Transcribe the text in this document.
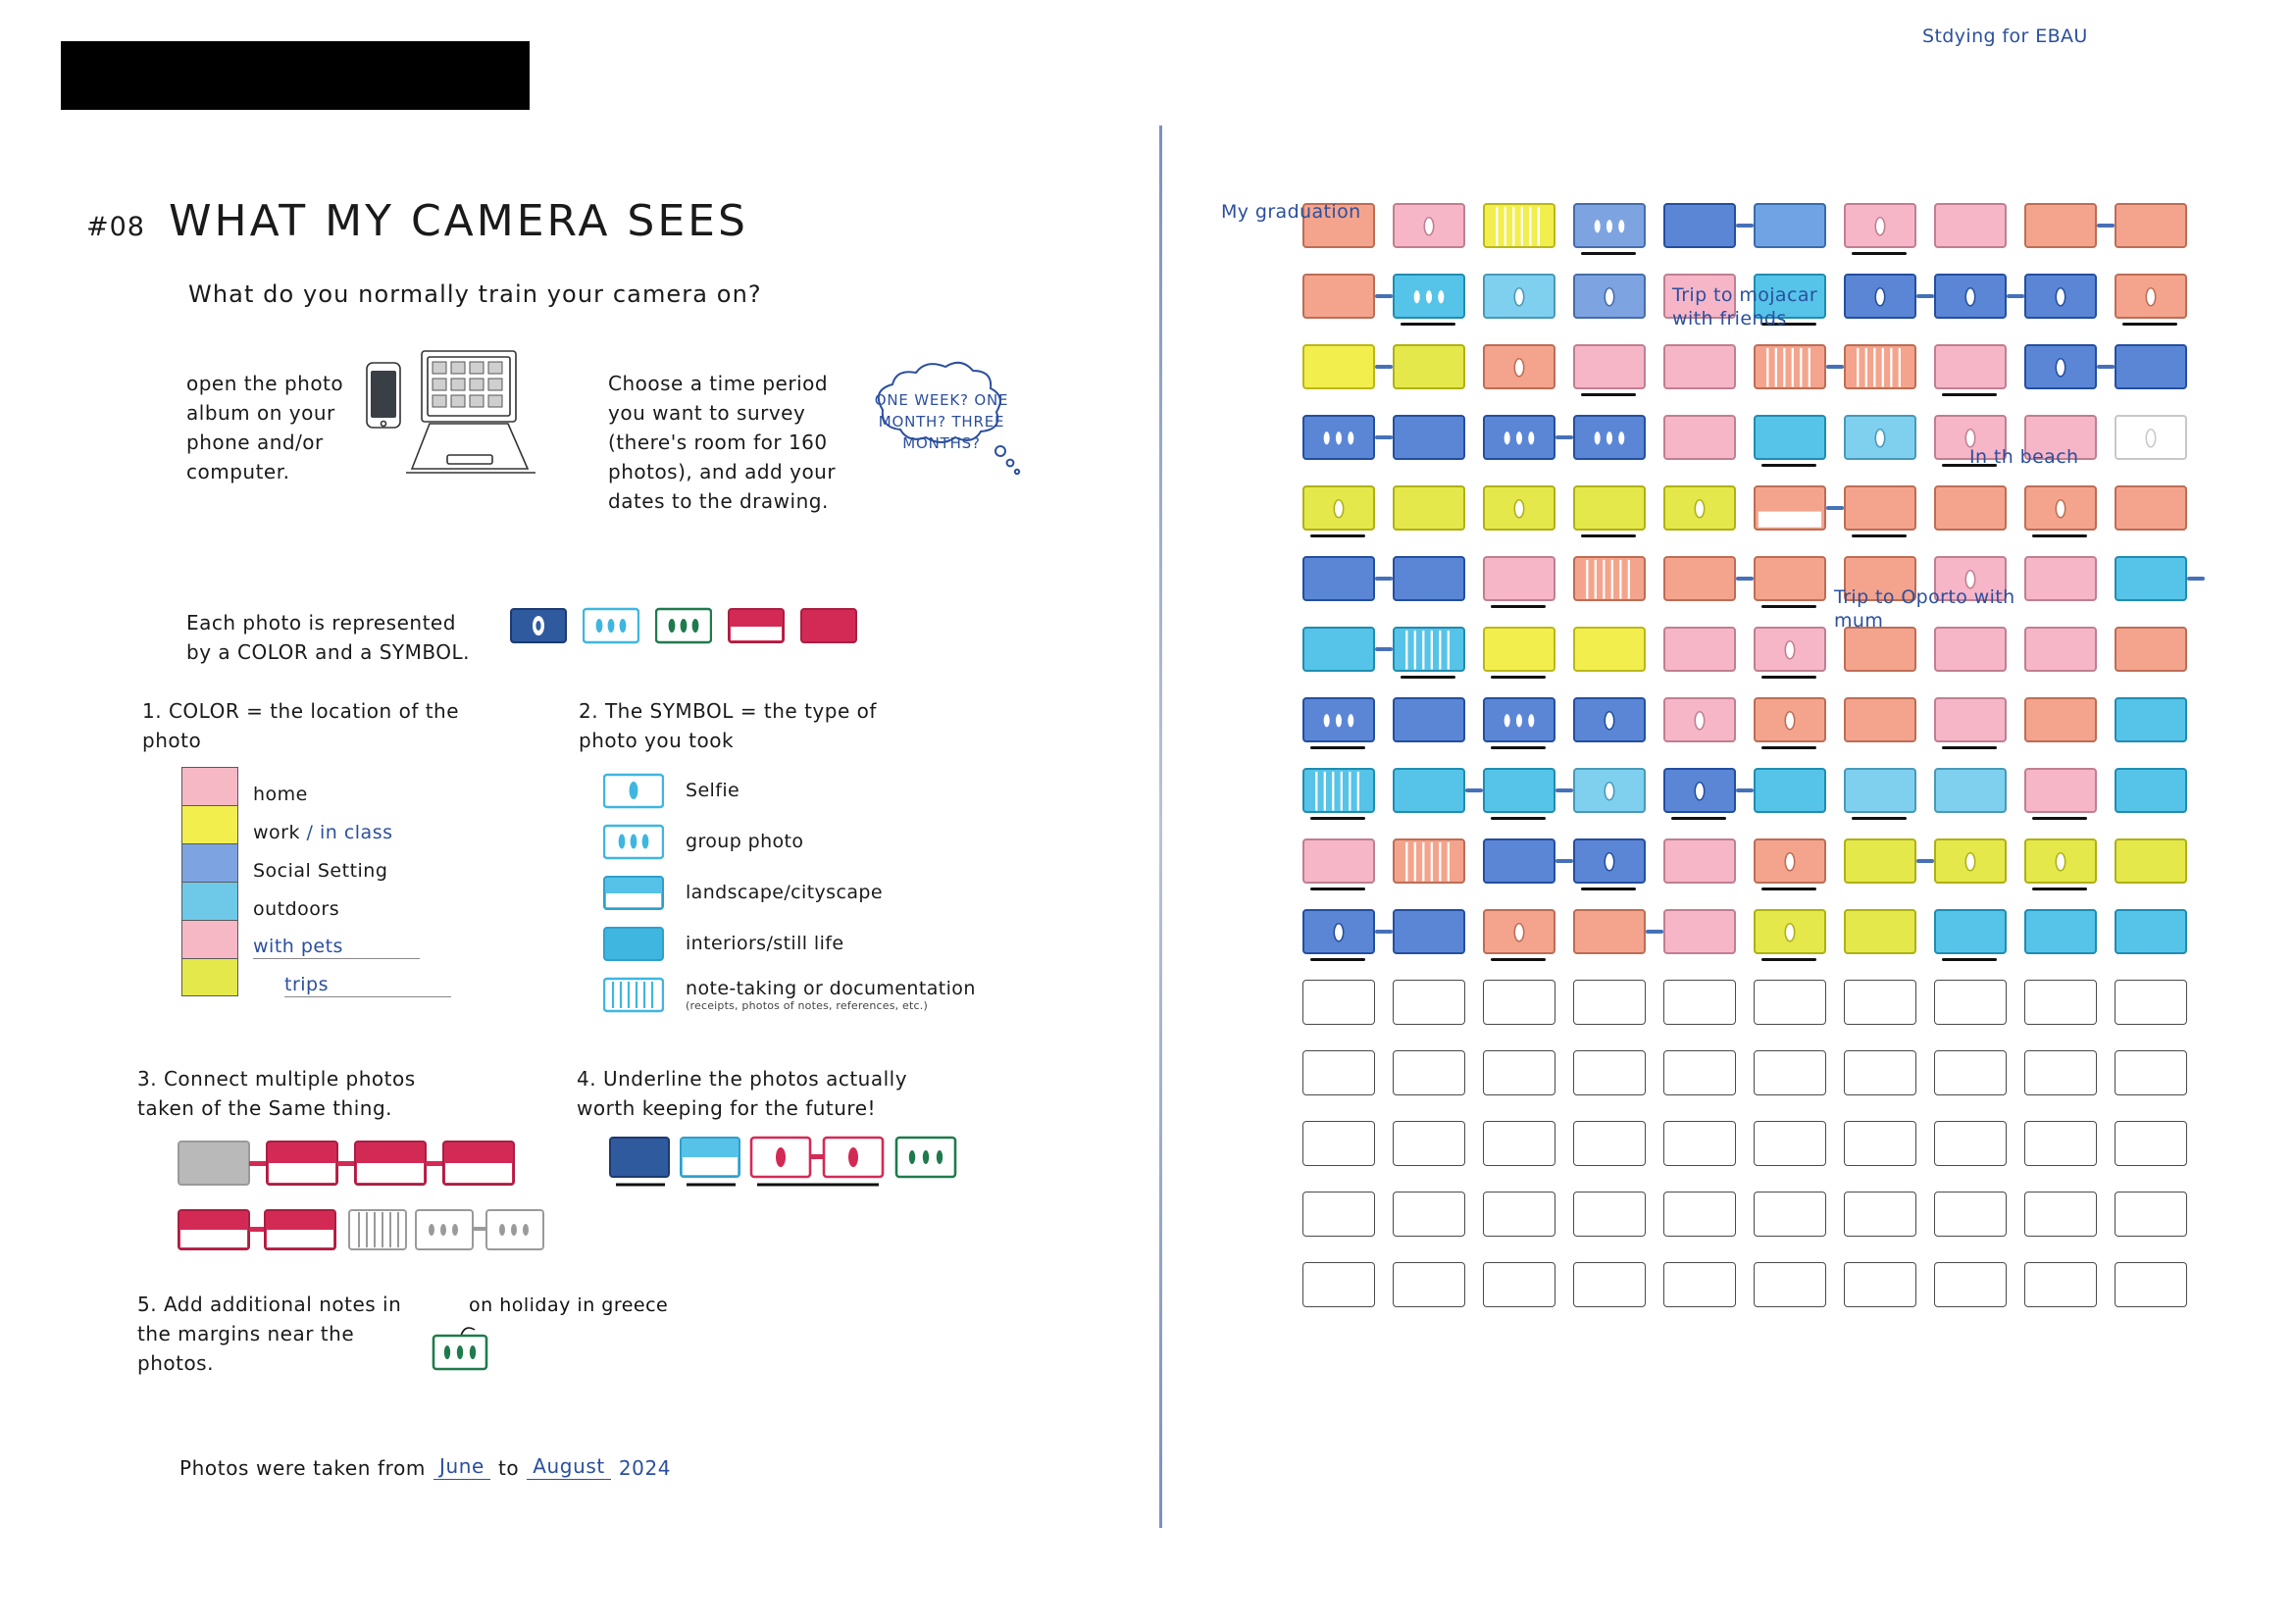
#08 WHAT MY CAMERA SEES
What do you normally train your camera on?
open the photo album on your phone and/or computer.
Choose a time period you want to survey (there's room for 160 photos), and add your dates to the drawing.
ONE WEEK? ONE MONTH? THREE MONTHS?
Each photo is represented by a COLOR and a SYMBOL.
1. COLOR = the location of the photo
2. The SYMBOL = the type of photo you took
home
work
/ in class
Social Setting
outdoors
with pets
trips
Selfie
group photo
landscape/cityscape
interiors/still life
note-taking or documentation
(receipts, photos of notes, references, etc.)
3. Connect multiple photos taken of the Same thing.
4. Underline the photos actually worth keeping for the future!
5. Add additional notes in the margins near the photos.
on holiday in greece
Photos were taken from June to August 2024
Stdying for EBAU
My graduation
Trip to mojacar with friends
In th beach
Trip to Oporto with mum
